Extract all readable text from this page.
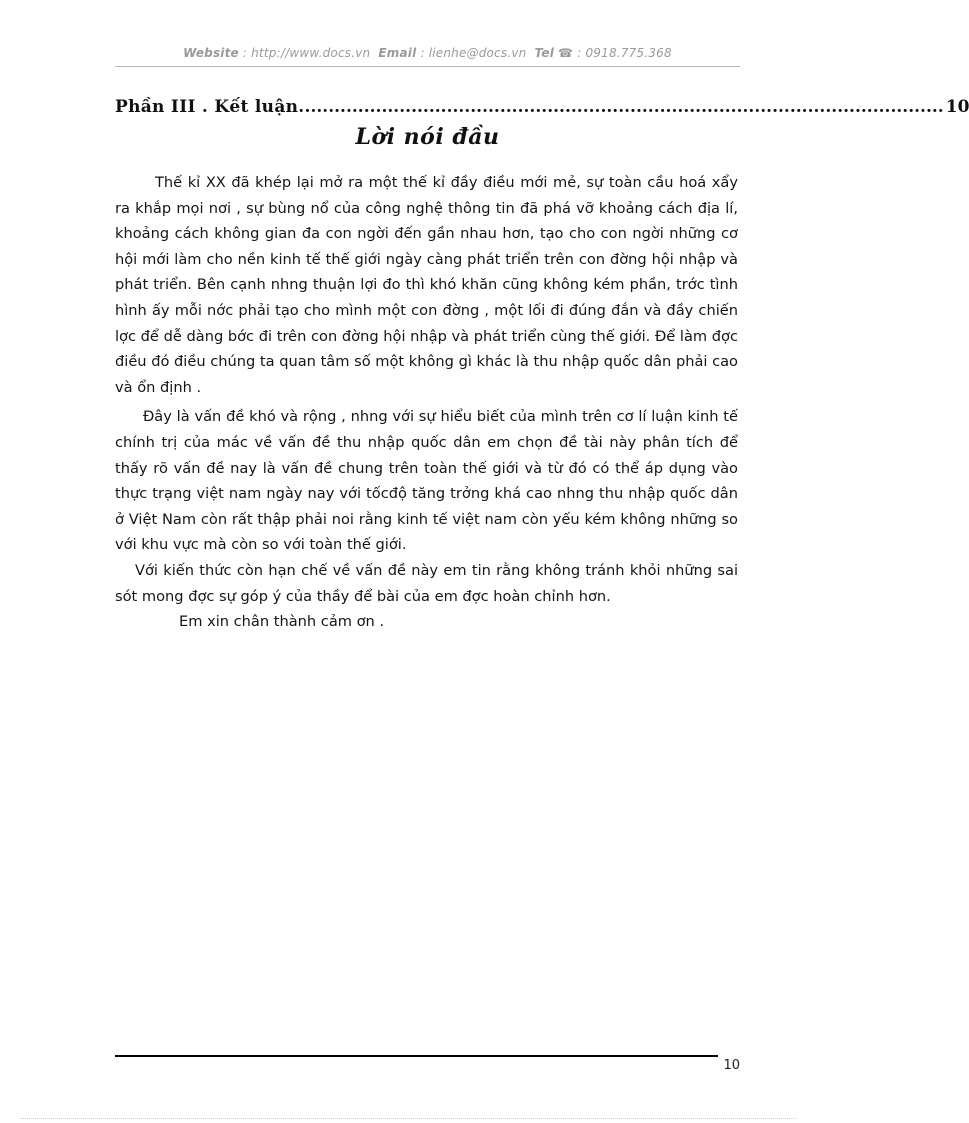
Website : http://www.docs.vn Email : lienhe@docs.vn Tel ☎ : 0918.775.368
Phần III . Kết luận. ............................................................................................................ 10
Lời nói đầu

Thế kỉ XX đã khép lại mở ra một thế kỉ đầy điều mới mẻ, sự toàn cầu hoá xẩy ra khắp mọi nơi , sự bùng nổ của công nghệ thông tin đã phá vỡ khoảng cách địa lí, khoảng cách không gian đa con ngời đến gần nhau hơn, tạo cho con ngời những cơ hội mới làm cho nền kinh tế thế giới ngày càng phát triển trên con đờng hội nhập và phát triển. Bên cạnh nhng thuận lợi đo thì khó khăn cũng không kém phần, trớc tình hình ấy mỗi nớc phải tạo cho mình một con đờng , một lối đi đúng đắn và đầy chiến lợc để dễ dàng bớc đi trên con đờng hội nhập và phát triển cùng thế giới. Để làm đợc điều đó điều chúng ta quan tâm số một không gì khác là thu nhập quốc dân phải cao và ổn định .

Đây là vấn đề khó và rộng , nhng với sự hiểu biết của mình trên cơ lí luận kinh tế chính trị của mác về vấn đề thu nhập quốc dân em chọn đề tài này phân tích để thấy rõ vấn đề nay là vấn đề chung trên toàn thế giới và từ đó có thể áp dụng vào thực trạng việt nam ngày nay với tốcđộ tăng trởng khá cao nhng thu nhập quốc dân ở Việt Nam còn rất thập phải noi rằng kinh tế việt nam còn yếu kém không những so với khu vực mà còn so với toàn thế giới.

Với kiến thức còn hạn chế về vấn đề này em tin rằng không tránh khỏi những sai sót mong đợc sự góp ý của thầy để bài của em đợc hoàn chỉnh hơn.

Em xin chân thành cảm ơn .

10
